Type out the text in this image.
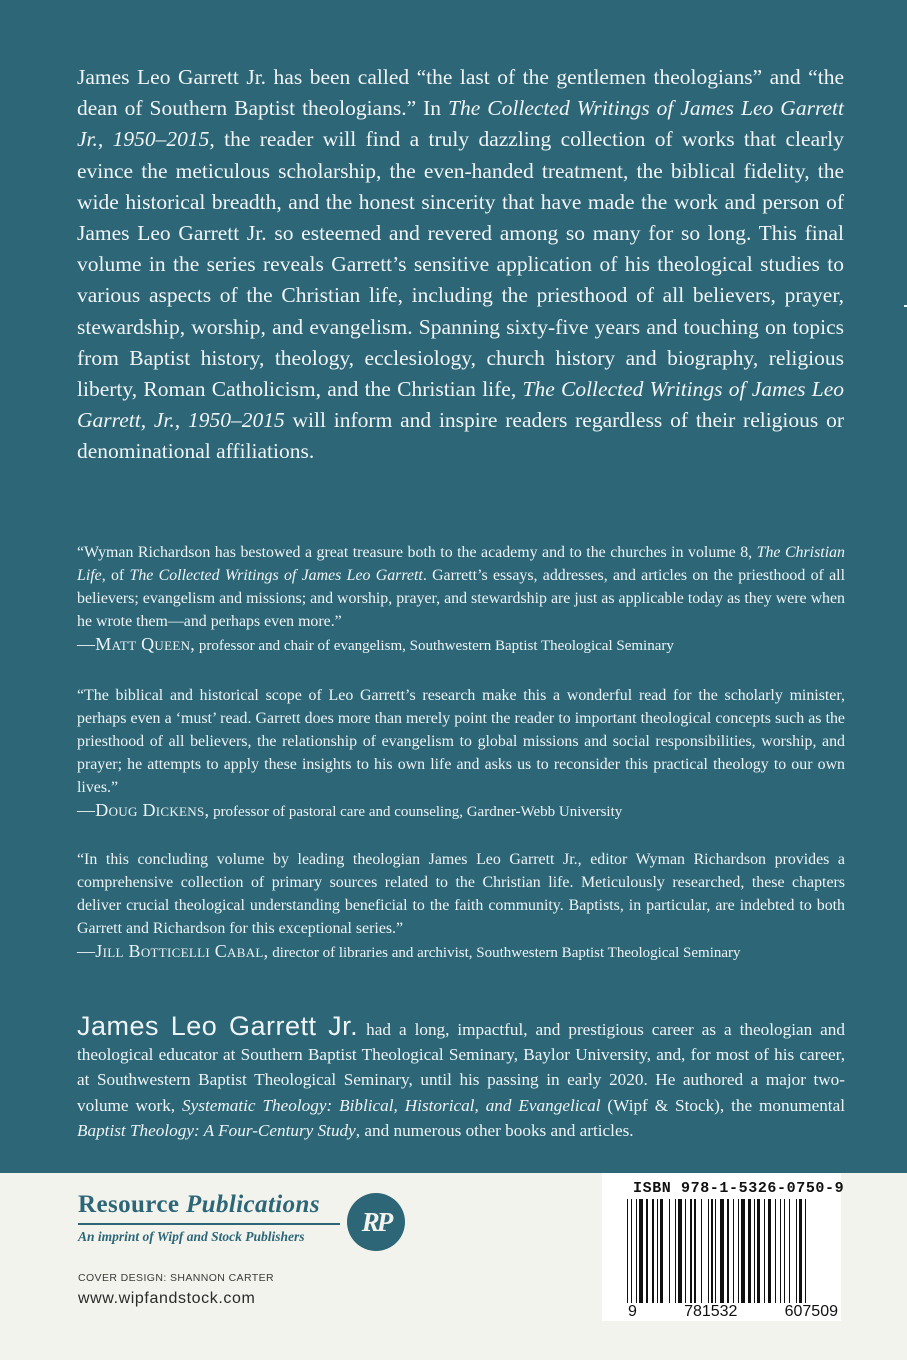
James Leo Garrett Jr. has been called “the last of the gentlemen theologians” and “the dean of Southern Baptist theologians.” In The Collected Writings of James Leo Garrett Jr., 1950–2015, the reader will find a truly dazzling collection of works that clearly evince the meticulous scholarship, the even-handed treatment, the biblical fidelity, the wide historical breadth, and the honest sincerity that have made the work and person of James Leo Garrett Jr. so esteemed and revered among so many for so long. This final volume in the series reveals Garrett’s sensitive application of his theological studies to various aspects of the Christian life, including the priesthood of all believers, prayer, stewardship, worship, and evangelism. Spanning sixty-five years and touching on topics from Baptist history, theology, ecclesiology, church history and biography, religious liberty, Roman Catholicism, and the Christian life, The Collected Writings of James Leo Garrett, Jr., 1950–2015 will inform and inspire readers regardless of their religious or denominational affiliations.

“Wyman Richardson has bestowed a great treasure both to the academy and to the churches in volume 8, The Christian Life, of The Collected Writings of James Leo Garrett. Garrett’s essays, addresses, and articles on the priesthood of all believers; evangelism and missions; and worship, prayer, and stewardship are just as applicable today as they were when he wrote them—and perhaps even more.”
—Matt Queen, professor and chair of evangelism, Southwestern Baptist Theological Seminary

“The biblical and historical scope of Leo Garrett’s research make this a wonderful read for the scholarly minister, perhaps even a ‘must’ read. Garrett does more than merely point the reader to important theological concepts such as the priesthood of all believers, the relationship of evangelism to global missions and social responsibilities, worship, and prayer; he attempts to apply these insights to his own life and asks us to reconsider this practical theology to our own lives.”
—Doug Dickens, professor of pastoral care and counseling, Gardner-Webb University

“In this concluding volume by leading theologian James Leo Garrett Jr., editor Wyman Richardson provides a comprehensive collection of primary sources related to the Christian life. Meticulously researched, these chapters deliver crucial theological understanding beneficial to the faith community. Baptists, in particular, are indebted to both Garrett and Richardson for this exceptional series.”
—Jill Botticelli Cabal, director of libraries and archivist, Southwestern Baptist Theological Seminary

James Leo Garrett Jr. had a long, impactful, and prestigious career as a theologian and theological educator at Southern Baptist Theological Seminary, Baylor University, and, for most of his career, at Southwestern Baptist Theological Seminary, until his passing in early 2020. He authored a major two-volume work, Systematic Theology: Biblical, Historical, and Evangelical (Wipf & Stock), the monumental Baptist Theology: A Four-Century Study, and numerous other books and articles.

Resource Publications
An imprint of Wipf and Stock Publishers	RP
COVER DESIGN: SHANNON CARTER
www.wipfandstock.com
ISBN 978-1-5326-0750-9
9	781532	607509
